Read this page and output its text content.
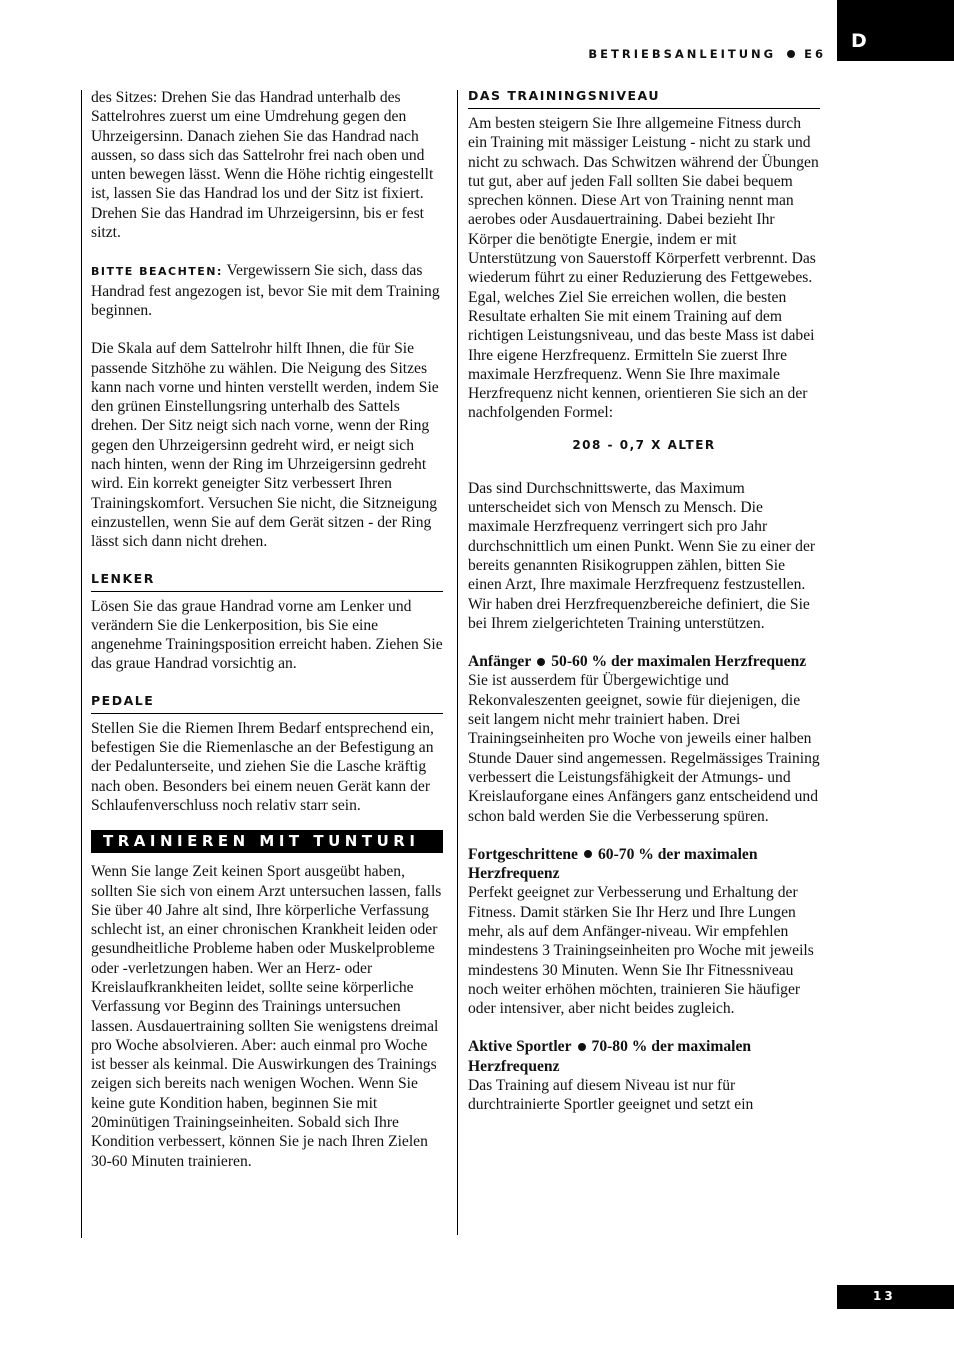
D
BETRIEBSANLEITUNG E6

des Sitzes: Drehen Sie das Handrad unterhalb des Sattelrohres zuerst um eine Umdrehung gegen den Uhrzeigersinn. Danach ziehen Sie das Handrad nach aussen, so dass sich das Sattelrohr frei nach oben und unten bewegen lässt. Wenn die Höhe richtig eingestellt ist, lassen Sie das Handrad los und der Sitz ist fixiert. Drehen Sie das Handrad im Uhrzeigersinn, bis er fest sitzt.

BITTE BEACHTEN: Vergewissern Sie sich, dass das Handrad fest angezogen ist, bevor Sie mit dem Training beginnen.

Die Skala auf dem Sattelrohr hilft Ihnen, die für Sie passende Sitzhöhe zu wählen. Die Neigung des Sitzes kann nach vorne und hinten verstellt werden, indem Sie den grünen Einstellungsring unterhalb des Sattels drehen. Der Sitz neigt sich nach vorne, wenn der Ring gegen den Uhrzeigersinn gedreht wird, er neigt sich nach hinten, wenn der Ring im Uhrzeigersinn gedreht wird. Ein korrekt geneigter Sitz verbessert Ihren Trainingskomfort. Versuchen Sie nicht, die Sitzneigung einzustellen, wenn Sie auf dem Gerät sitzen - der Ring lässt sich dann nicht drehen.

LENKER

Lösen Sie das graue Handrad vorne am Lenker und verändern Sie die Lenkerposition, bis Sie eine angenehme Trainingsposition erreicht haben. Ziehen Sie das graue Handrad vorsichtig an.

PEDALE

Stellen Sie die Riemen Ihrem Bedarf entsprechend ein, befestigen Sie die Riemenlasche an der Befestigung an der Pedalunterseite, und ziehen Sie die Lasche kräftig nach oben. Besonders bei einem neuen Gerät kann der Schlaufenverschluss noch relativ starr sein.

TRAINIEREN MIT TUNTURI

Wenn Sie lange Zeit keinen Sport ausgeübt haben, sollten Sie sich von einem Arzt untersuchen lassen, falls Sie über 40 Jahre alt sind, Ihre körperliche Verfassung schlecht ist, an einer chronischen Krankheit leiden oder gesundheitliche Probleme haben oder Muskelprobleme oder -verletzungen haben. Wer an Herz- oder Kreislaufkrankheiten leidet, sollte seine körperliche Verfassung vor Beginn des Trainings untersuchen lassen. Ausdauertraining sollten Sie wenigstens dreimal pro Woche absolvieren. Aber: auch einmal pro Woche ist besser als keinmal. Die Auswirkungen des Trainings zeigen sich bereits nach wenigen Wochen. Wenn Sie keine gute Kondition haben, beginnen Sie mit 20minütigen Trainingseinheiten. Sobald sich Ihre Kondition verbessert, können Sie je nach Ihren Zielen 30-60 Minuten trainieren.

DAS TRAININGSNIVEAU

Am besten steigern Sie Ihre allgemeine Fitness durch ein Training mit mässiger Leistung - nicht zu stark und nicht zu schwach. Das Schwitzen während der Übungen tut gut, aber auf jeden Fall sollten Sie dabei bequem sprechen können. Diese Art von Training nennt man aerobes oder Ausdauertraining. Dabei bezieht Ihr Körper die benötigte Energie, indem er mit Unterstützung von Sauerstoff Körperfett verbrennt. Das wiederum führt zu einer Reduzierung des Fettgewebes. Egal, welches Ziel Sie erreichen wollen, die besten Resultate erhalten Sie mit einem Training auf dem richtigen Leistungsniveau, und das beste Mass ist dabei Ihre eigene Herzfrequenz. Ermitteln Sie zuerst Ihre maximale Herzfrequenz. Wenn Sie Ihre maximale Herzfrequenz nicht kennen, orientieren Sie sich an der nachfolgenden Formel:

208 - 0,7 X ALTER

Das sind Durchschnittswerte, das Maximum unterscheidet sich von Mensch zu Mensch. Die maximale Herzfrequenz verringert sich pro Jahr durchschnittlich um einen Punkt. Wenn Sie zu einer der bereits genannten Risikogruppen zählen, bitten Sie einen Arzt, Ihre maximale Herzfrequenz festzustellen. Wir haben drei Herzfrequenzbereiche definiert, die Sie bei Ihrem zielgerichteten Training unterstützen.

Anfänger 50-60 % der maximalen Herzfrequenz

Sie ist ausserdem für Übergewichtige und Rekonvaleszenten geeignet, sowie für diejenigen, die seit langem nicht mehr trainiert haben. Drei Trainingseinheiten pro Woche von jeweils einer halben Stunde Dauer sind angemessen. Regelmässiges Training verbessert die Leistungsfähigkeit der Atmungs- und Kreislauforgane eines Anfängers ganz entscheidend und schon bald werden Sie die Verbesserung spüren.

Fortgeschrittene 60-70 % der maximalen Herzfrequenz

Perfekt geeignet zur Verbesserung und Erhaltung der Fitness. Damit stärken Sie Ihr Herz und Ihre Lungen mehr, als auf dem Anfänger-niveau. Wir empfehlen mindestens 3 Trainingseinheiten pro Woche mit jeweils mindestens 30 Minuten. Wenn Sie Ihr Fitnessniveau noch weiter erhöhen möchten, trainieren Sie häufiger oder intensiver, aber nicht beides zugleich.

Aktive Sportler 70-80 % der maximalen Herzfrequenz

Das Training auf diesem Niveau ist nur für durchtrainierte Sportler geeignet und setzt ein

13
